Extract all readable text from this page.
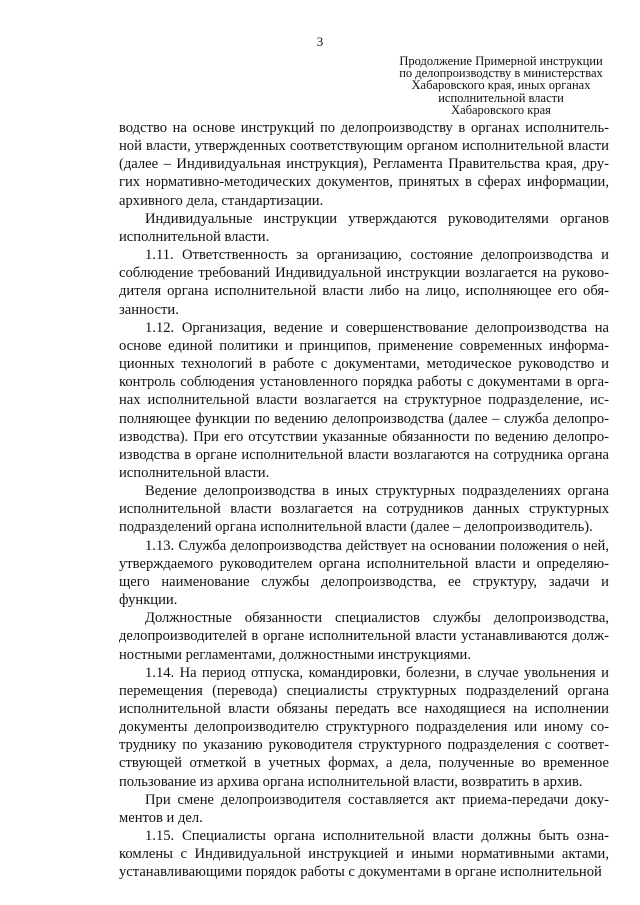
3
Продолжение Примерной инструкции
по делопроизводству в министерствах
Хабаровского края, иных органах
исполнительной власти
Хабаровского края

водство на основе инструкций по делопроизводству в органах исполнительной власти, утвержденных соответствующим органом исполнительной власти (далее – Индивидуальная инструкция), Регламента Правительства края, других нормативно-методических документов, принятых в сферах информации, архивного дела, стандартизации.

Индивидуальные инструкции утверждаются руководителями органов исполнительной власти.

1.11. Ответственность за организацию, состояние делопроизводства и соблюдение требований Индивидуальной инструкции возлагается на руководителя органа исполнительной власти либо на лицо, исполняющее его обязанности.

1.12. Организация, ведение и совершенствование делопроизводства на основе единой политики и принципов, применение современных информационных технологий в работе с документами, методическое руководство и контроль соблюдения установленного порядка работы с документами в органах исполнительной власти возлагается на структурное подразделение, исполняющее функции по ведению делопроизводства (далее – служба делопроизводства). При его отсутствии указанные обязанности по ведению делопроизводства в органе исполнительной власти возлагаются на сотрудника органа исполнительной власти.

Ведение делопроизводства в иных структурных подразделениях органа исполнительной власти возлагается на сотрудников данных структурных подразделений органа исполнительной власти (далее – делопроизводитель).

1.13. Служба делопроизводства действует на основании положения о ней, утверждаемого руководителем органа исполнительной власти и определяющего наименование службы делопроизводства, ее структуру, задачи и функции.

Должностные обязанности специалистов службы делопроизводства, делопроизводителей в органе исполнительной власти устанавливаются должностными регламентами, должностными инструкциями.

1.14. На период отпуска, командировки, болезни, в случае увольнения и перемещения (перевода) специалисты структурных подразделений органа исполнительной власти обязаны передать все находящиеся на исполнении документы делопроизводителю структурного подразделения или иному сотруднику по указанию руководителя структурного подразделения с соответствующей отметкой в учетных формах, а дела, полученные во временное пользование из архива органа исполнительной власти, возвратить в архив.

При смене делопроизводителя составляется акт приема-передачи документов и дел.

1.15. Специалисты органа исполнительной власти должны быть ознакомлены с Индивидуальной инструкцией и иными нормативными актами, устанавливающими порядок работы с документами в органе исполнительной
